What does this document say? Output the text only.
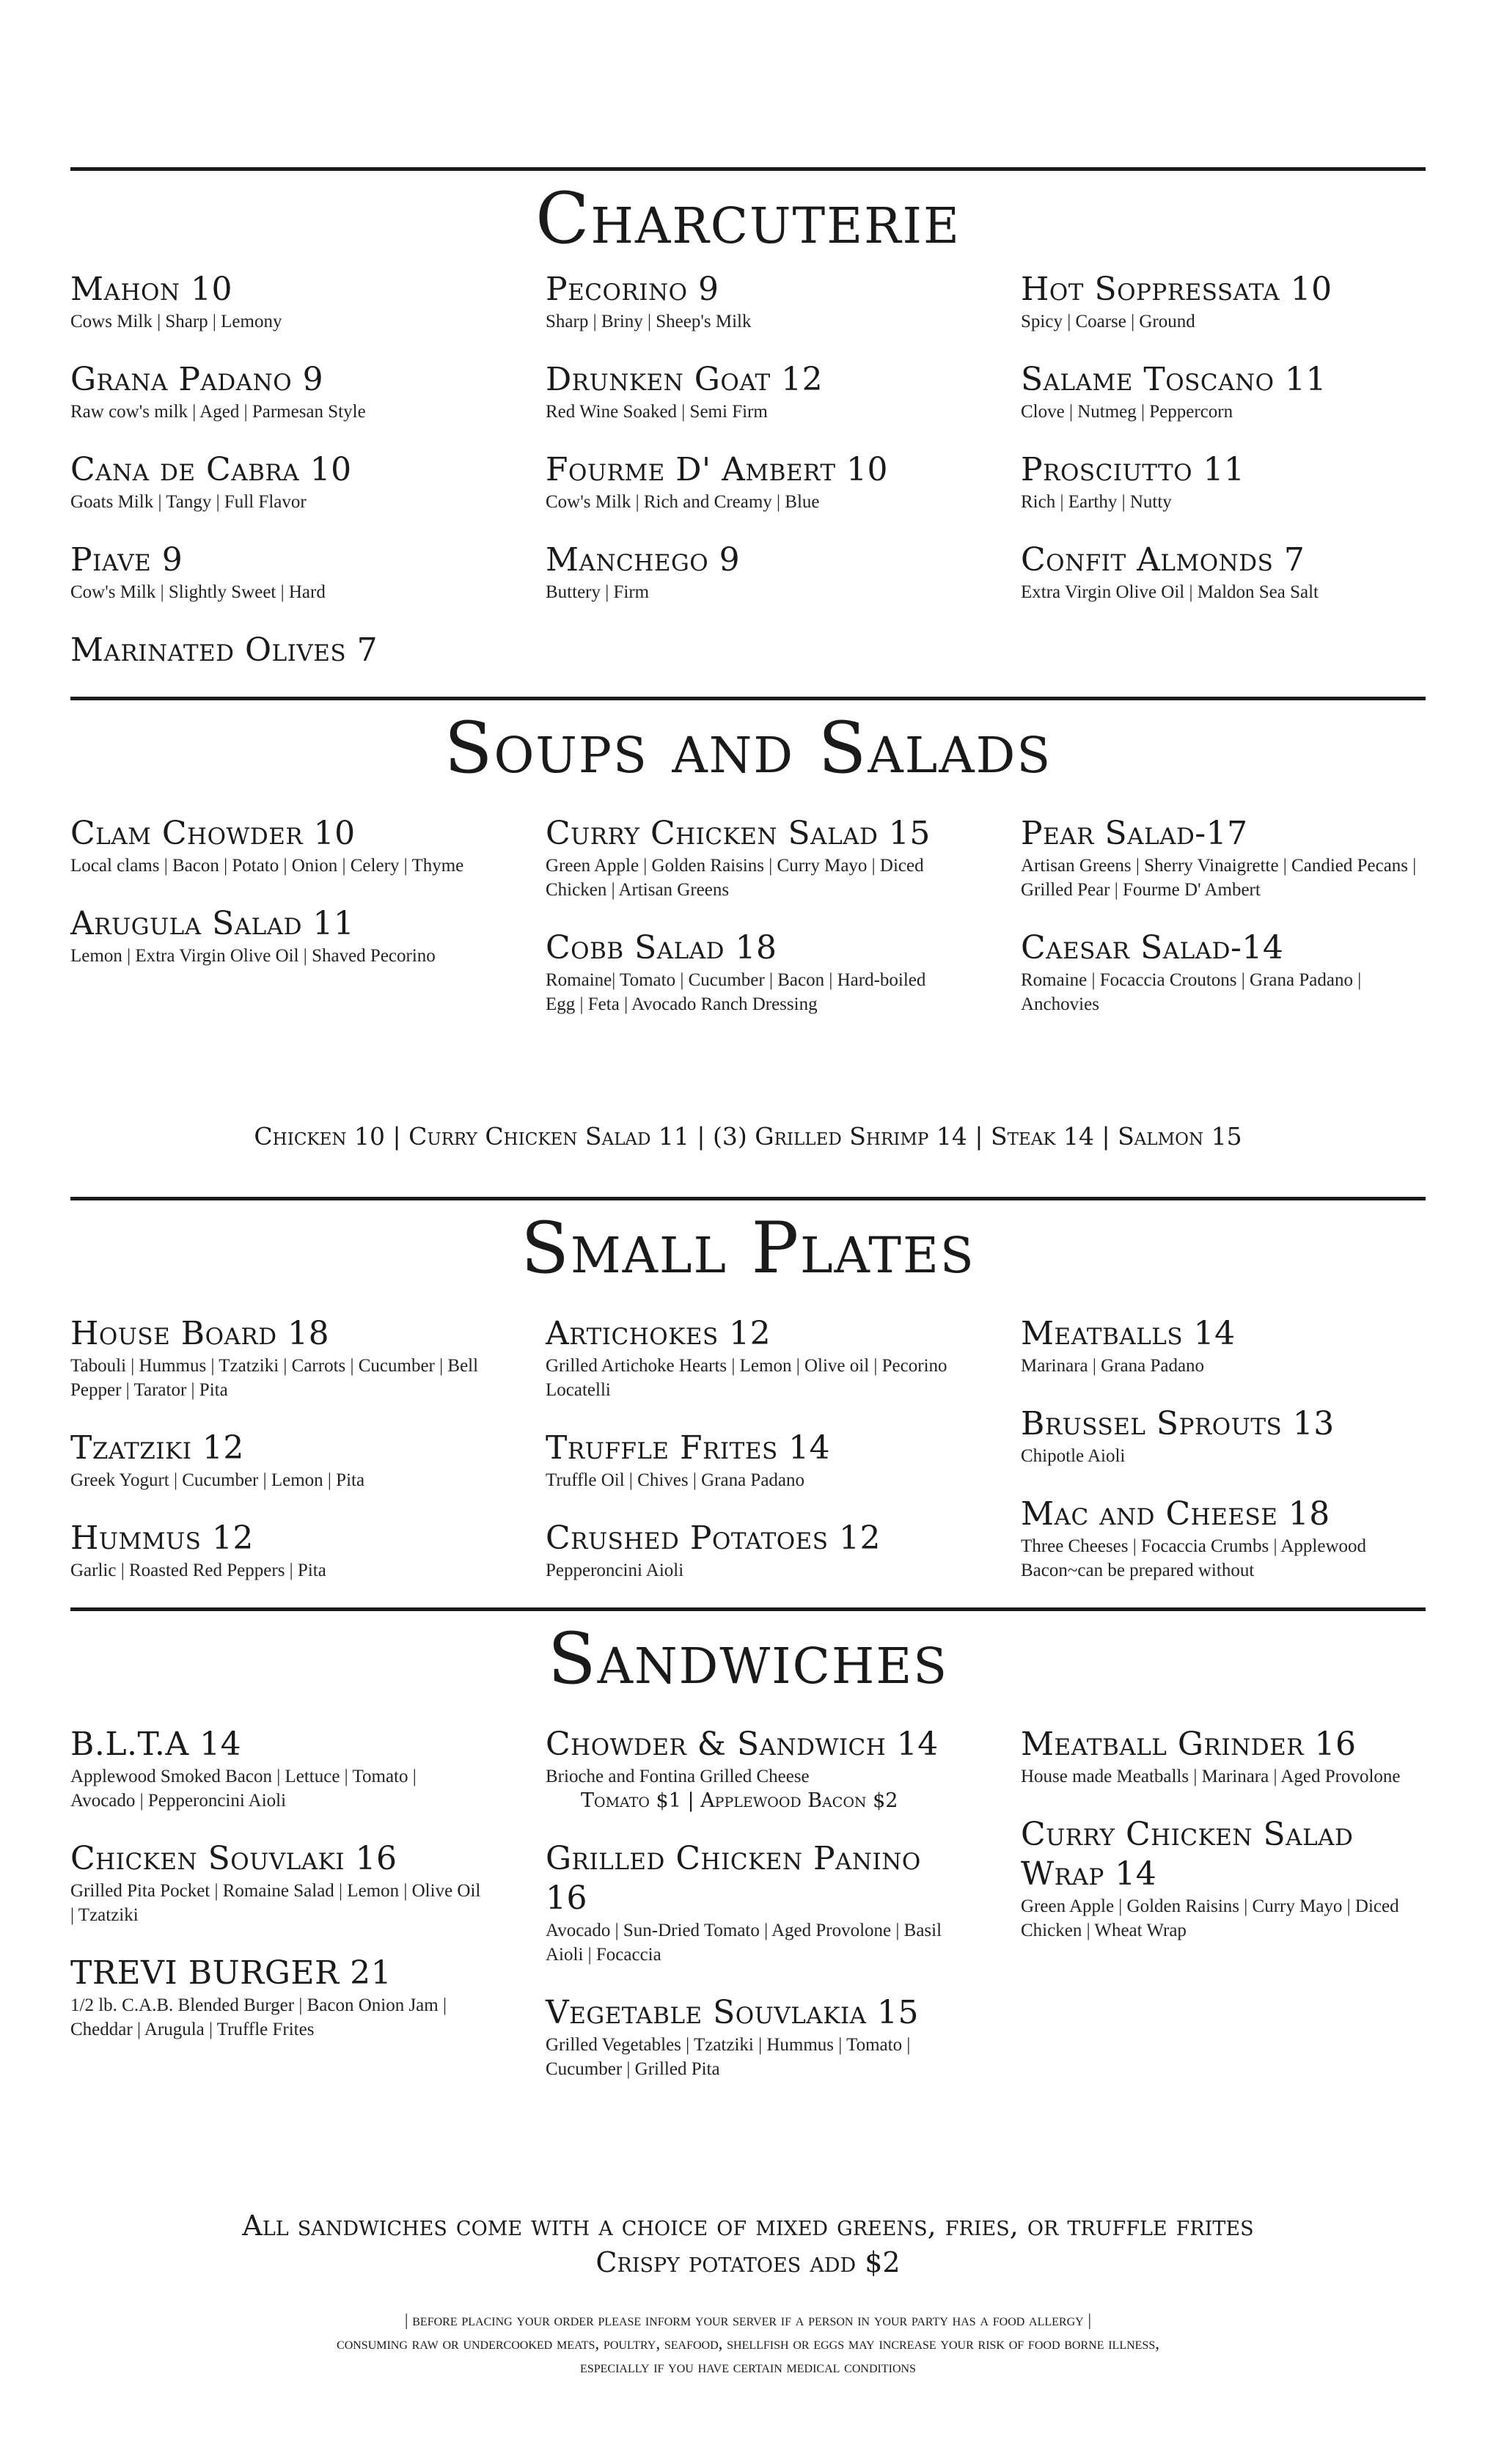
Charcuterie
Mahon 10
Cows Milk | Sharp | Lemony
Grana Padano 9
Raw cow's milk | Aged | Parmesan Style
Cana de Cabra 10
Goats Milk | Tangy | Full Flavor
Piave 9
Cow's Milk | Slightly Sweet | Hard
Marinated Olives 7
Pecorino 9
Sharp | Briny | Sheep's Milk
Drunken Goat 12
Red Wine Soaked | Semi Firm
Fourme D' Ambert 10
Cow's Milk | Rich and Creamy | Blue
Manchego 9
Buttery | Firm
Hot Soppressata 10
Spicy | Coarse | Ground
Salame Toscano 11
Clove | Nutmeg | Peppercorn
Prosciutto 11
Rich | Earthy | Nutty
Confit Almonds 7
Extra Virgin Olive Oil | Maldon Sea Salt
Soups and Salads
Clam Chowder 10
Local clams | Bacon | Potato | Onion | Celery | Thyme
Arugula Salad 11
Lemon | Extra Virgin Olive Oil | Shaved Pecorino
Curry Chicken Salad 15
Green Apple | Golden Raisins | Curry Mayo | Diced Chicken | Artisan Greens
Cobb Salad 18
Romaine| Tomato | Cucumber | Bacon | Hard-boiled Egg | Feta | Avocado Ranch Dressing
Pear Salad-17
Artisan Greens | Sherry Vinaigrette | Candied Pecans | Grilled Pear | Fourme D' Ambert
Caesar Salad-14
Romaine | Focaccia Croutons | Grana Padano | Anchovies
Chicken 10 | Curry Chicken Salad 11 | (3) Grilled Shrimp 14 | Steak 14 | Salmon 15
Small Plates
House Board 18
Tabouli | Hummus | Tzatziki | Carrots | Cucumber | Bell Pepper | Tarator | Pita
Tzatziki 12
Greek Yogurt | Cucumber | Lemon | Pita
Hummus 12
Garlic | Roasted Red Peppers | Pita
Artichokes 12
Grilled Artichoke Hearts | Lemon | Olive oil | Pecorino Locatelli
Truffle Frites 14
Truffle Oil | Chives | Grana Padano
Crushed Potatoes 12
Pepperoncini Aioli
Meatballs 14
Marinara | Grana Padano
Brussel Sprouts 13
Chipotle Aioli
Mac and Cheese 18
Three Cheeses | Focaccia Crumbs | Applewood Bacon~can be prepared without
Sandwiches
B.L.T.A 14
Applewood Smoked Bacon | Lettuce | Tomato | Avocado | Pepperoncini Aioli
Chicken Souvlaki 16
Grilled Pita Pocket | Romaine Salad | Lemon | Olive Oil | Tzatziki
TREVI BURGER 21
1/2 lb. C.A.B. Blended Burger | Bacon Onion Jam | Cheddar | Arugula | Truffle Frites
Chowder & Sandwich 14
Brioche and Fontina Grilled Cheese
Tomato $1 | Applewood Bacon $2
Grilled Chicken Panino 16
Avocado | Sun-Dried Tomato | Aged Provolone | Basil Aioli | Focaccia
Vegetable Souvlakia 15
Grilled Vegetables | Tzatziki | Hummus | Tomato | Cucumber | Grilled Pita
Meatball Grinder 16
House made Meatballs | Marinara | Aged Provolone
Curry Chicken Salad Wrap 14
Green Apple | Golden Raisins | Curry Mayo | Diced Chicken | Wheat Wrap
All sandwiches come with a choice of mixed greens, fries, or truffle frites
Crispy potatoes add $2
| before placing your order please inform your server if a person in your party has a food allergy |
consuming raw or undercooked meats, poultry, seafood, shellfish or eggs may increase your risk of food borne illness,
especially if you have certain medical conditions
